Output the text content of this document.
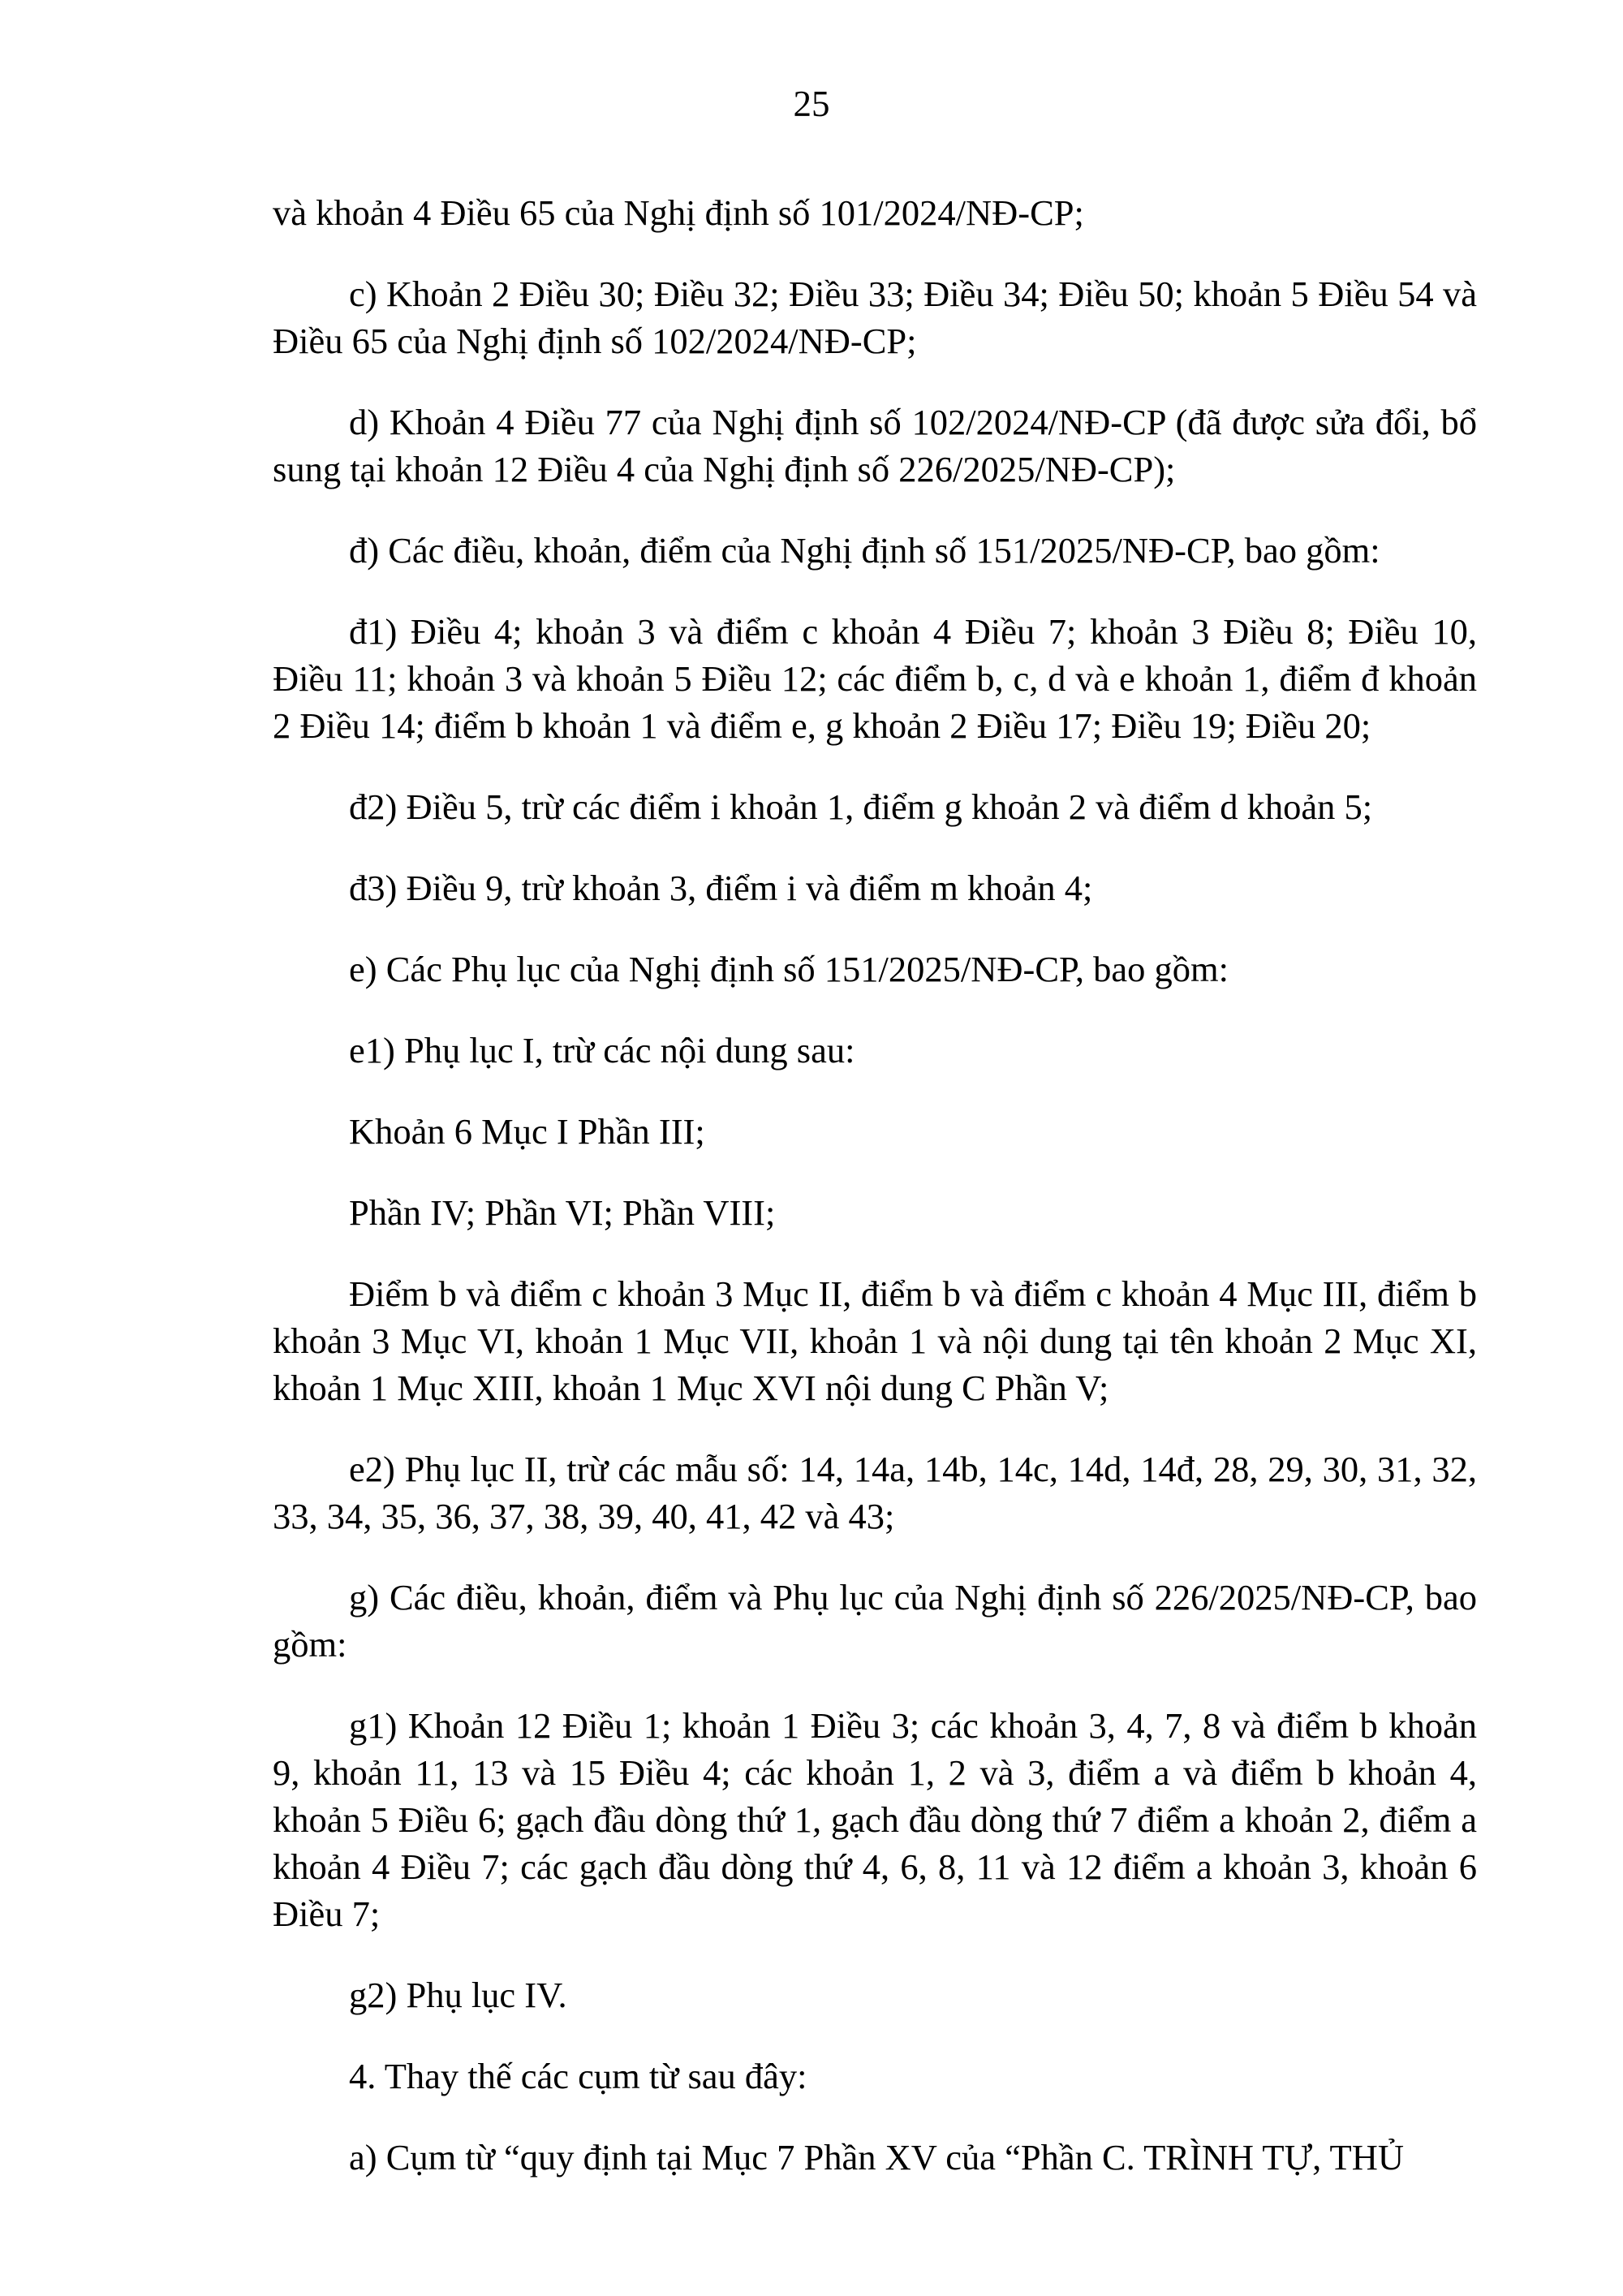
25

và khoản 4 Điều 65 của Nghị định số 101/2024/NĐ-CP;

c) Khoản 2 Điều 30; Điều 32; Điều 33; Điều 34; Điều 50; khoản 5 Điều 54 và Điều 65 của Nghị định số 102/2024/NĐ-CP;

d) Khoản 4 Điều 77 của Nghị định số 102/2024/NĐ-CP (đã được sửa đổi, bổ sung tại khoản 12 Điều 4 của Nghị định số 226/2025/NĐ-CP);

đ) Các điều, khoản, điểm của Nghị định số 151/2025/NĐ-CP, bao gồm:

đ1) Điều 4; khoản 3 và điểm c khoản 4 Điều 7; khoản 3 Điều 8; Điều 10, Điều 11; khoản 3 và khoản 5 Điều 12; các điểm b, c, d và e khoản 1, điểm đ khoản 2 Điều 14; điểm b khoản 1 và điểm e, g khoản 2 Điều 17; Điều 19; Điều 20;

đ2) Điều 5, trừ các điểm i khoản 1, điểm g khoản 2 và điểm d khoản 5;

đ3) Điều 9, trừ khoản 3, điểm i và điểm m khoản 4;

e) Các Phụ lục của Nghị định số 151/2025/NĐ-CP, bao gồm:

e1) Phụ lục I, trừ các nội dung sau:

Khoản 6 Mục I Phần III;

Phần IV; Phần VI; Phần VIII;

Điểm b và điểm c khoản 3 Mục II, điểm b và điểm c khoản 4 Mục III, điểm b khoản 3 Mục VI, khoản 1 Mục VII, khoản 1 và nội dung tại tên khoản 2 Mục XI, khoản 1 Mục XIII, khoản 1 Mục XVI nội dung C Phần V;

e2) Phụ lục II, trừ các mẫu số: 14, 14a, 14b, 14c, 14d, 14đ, 28, 29, 30, 31, 32, 33, 34, 35, 36, 37, 38, 39, 40, 41, 42 và 43;

g) Các điều, khoản, điểm và Phụ lục của Nghị định số 226/2025/NĐ-CP, bao gồm:

g1) Khoản 12 Điều 1; khoản 1 Điều 3; các khoản 3, 4, 7, 8 và điểm b khoản 9, khoản 11, 13 và 15 Điều 4; các khoản 1, 2 và 3, điểm a và điểm b khoản 4, khoản 5 Điều 6; gạch đầu dòng thứ 1, gạch đầu dòng thứ 7 điểm a khoản 2, điểm a khoản 4 Điều 7; các gạch đầu dòng thứ 4, 6, 8, 11 và 12 điểm a khoản 3, khoản 6 Điều 7;

g2) Phụ lục IV.

4. Thay thế các cụm từ sau đây:

a) Cụm từ “quy định tại Mục 7 Phần XV của “Phần C. TRÌNH TỰ, THỦ
